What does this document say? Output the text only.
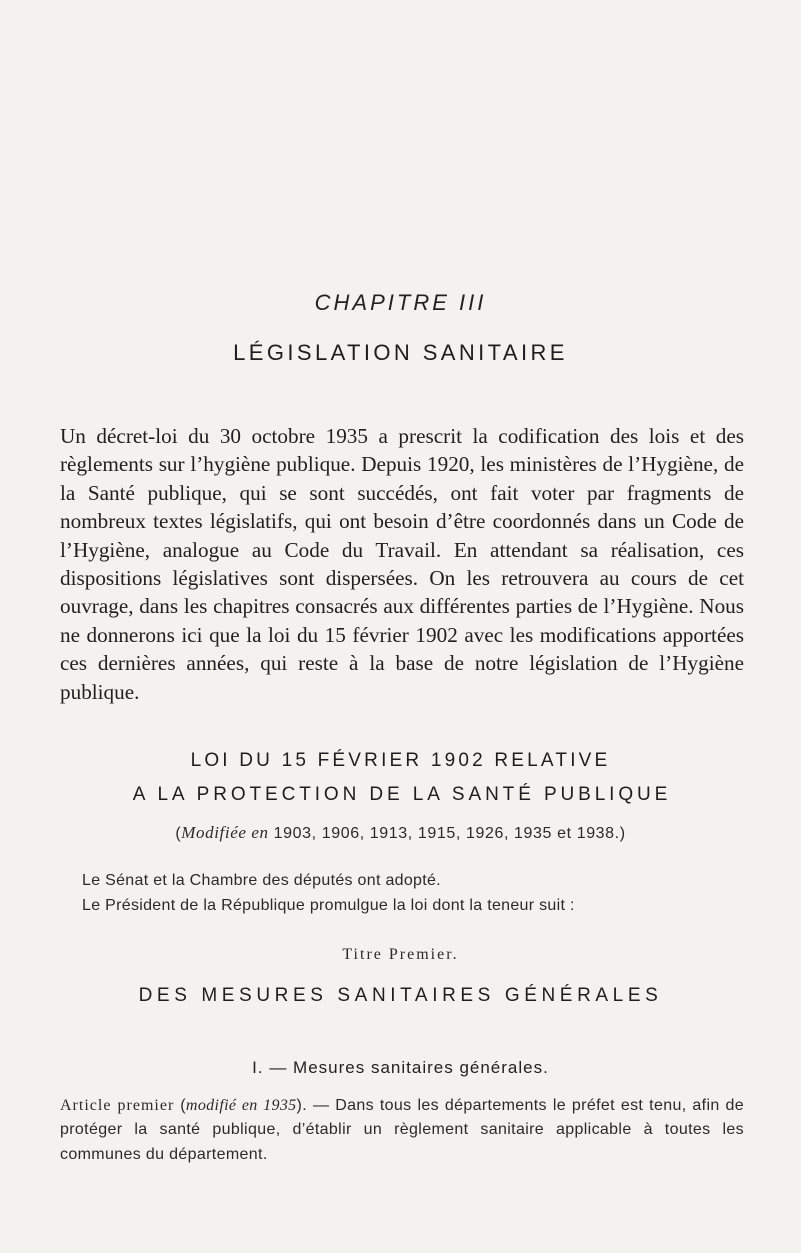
CHAPITRE III
LÉGISLATION SANITAIRE
Un décret-loi du 30 octobre 1935 a prescrit la codification des lois et des règlements sur l’hygiène publique. Depuis 1920, les ministères de l’Hygiène, de la Santé publique, qui se sont succédés, ont fait voter par fragments de nombreux textes législatifs, qui ont besoin d’être coordonnés dans un Code de l’Hygiène, analogue au Code du Travail. En attendant sa réalisation, ces dispositions législatives sont dispersées. On les retrouvera au cours de cet ouvrage, dans les chapitres consacrés aux différentes parties de l’Hygiène. Nous ne donnerons ici que la loi du 15 février 1902 avec les modifications apportées ces dernières années, qui reste à la base de notre législation de l’Hygiène publique.
LOI DU 15 FÉVRIER 1902 RELATIVE
A LA PROTECTION DE LA SANTÉ PUBLIQUE
(Modifiée en 1903, 1906, 1913, 1915, 1926, 1935 et 1938.)
Le Sénat et la Chambre des députés ont adopté.
Le Président de la République promulgue la loi dont la teneur suit :
Titre Premier.
DES MESURES SANITAIRES GÉNÉRALES
I. — Mesures sanitaires générales.
Article premier (modifié en 1935). — Dans tous les départements le préfet est tenu, afin de protéger la santé publique, d’établir un règlement sanitaire applicable à toutes les communes du département.
